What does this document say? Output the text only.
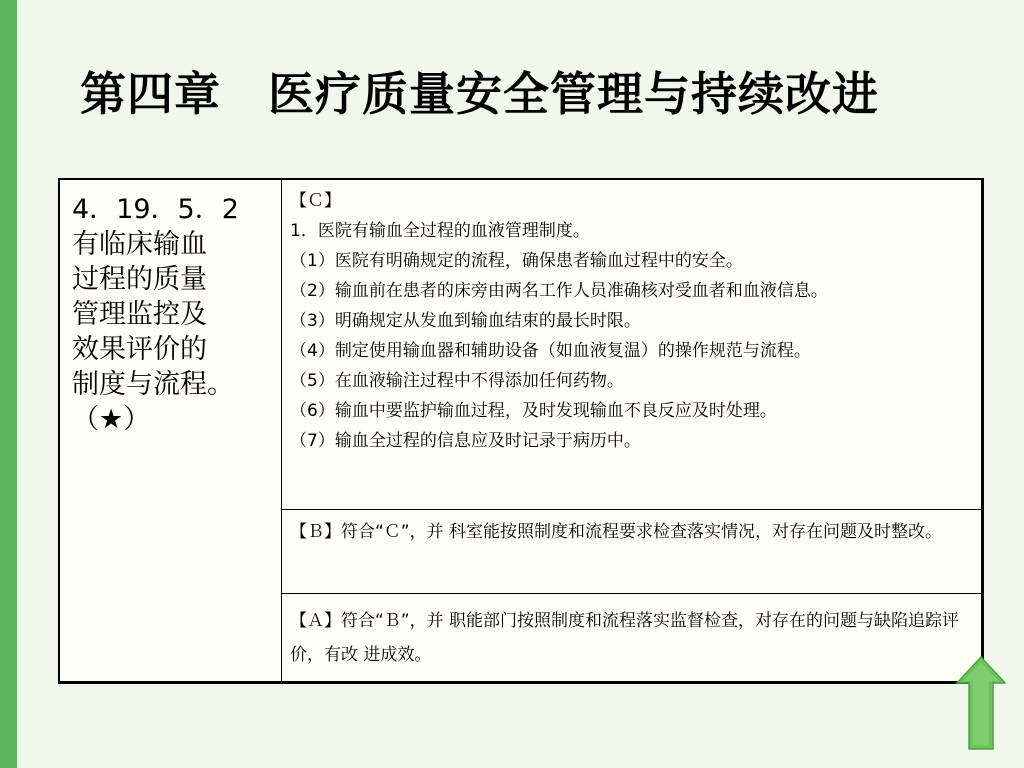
第四章　医疗质量安全管理与持续改进
4．19．5．2
有临床输血
过程的质量
管理监控及
效果评价的
制度与流程。
（★）
【Ｃ】
1．医院有输血全过程的血液管理制度。
（1）医院有明确规定的流程，确保患者输血过程中的安全。
（2）输血前在患者的床旁由两名工作人员准确核对受血者和血液信息。
（3）明确规定从发血到输血结束的最长时限。
（4）制定使用输血器和辅助设备（如血液复温）的操作规范与流程。
（5）在血液输注过程中不得添加任何药物。
（6）输血中要监护输血过程，及时发现输血不良反应及时处理。
（7）输血全过程的信息应及时记录于病历中。
【Ｂ】符合“Ｃ”，并 科室能按照制度和流程要求检查落实情况，对存在问题及时整改。
【Ａ】符合“Ｂ”，并 职能部门按照制度和流程落实监督检查，对存在的问题与缺陷追踪评价，有改 进成效。
